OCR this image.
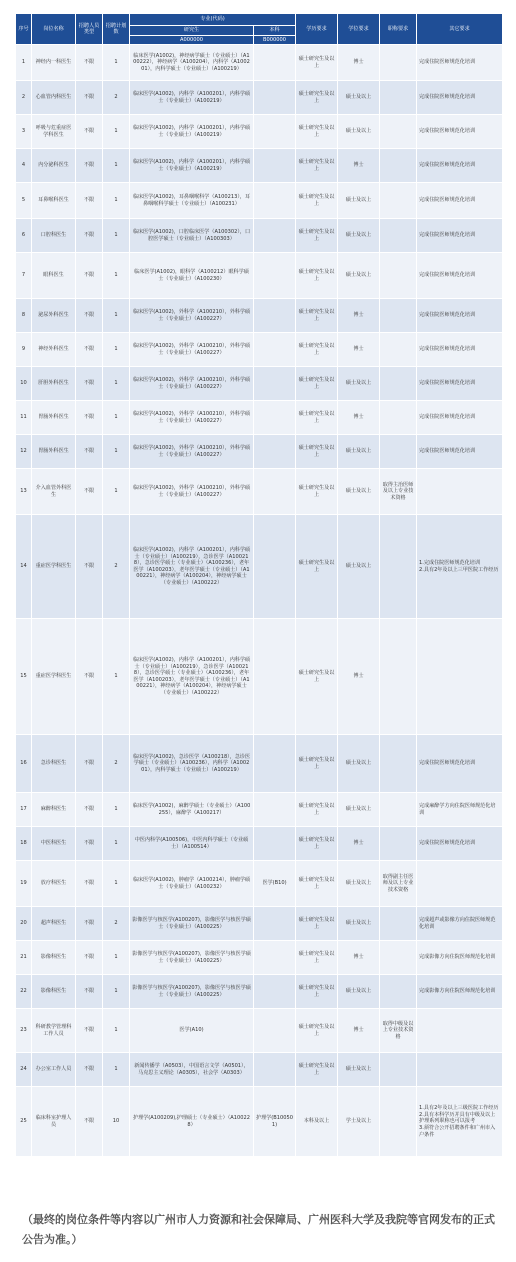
序号	岗位名称	招聘人员类型	招聘计划数	专业(代码)		学历要求	学位要求	职称要求	其它要求
				研究生	本科				
				A000000	B000000				
1	神经内一科医生	不限	1	临床医学(A1002)，神经病学硕士（专业硕士）（A100222），神经病学（A100204），内科学（A100201），内科学硕士（专业硕士）（A100219）		硕士研究生及以上	博士		完成住院医师规范化培训
2	心血管内科医生	不限	2	临床医学(A1002)，内科学（A100201），内科学硕士（专业硕士）（A100219）		硕士研究生及以上	硕士及以上		完成住院医师规范化培训
3	呼吸与危重症医学科医生	不限	1	临床医学(A1002)，内科学（A100201），内科学硕士（专业硕士）（A100219）		硕士研究生及以上	硕士及以上		完成住院医师规范化培训
4	内分泌科医生	不限	1	临床医学(A1002)，内科学（A100201），内科学硕士（专业硕士）（A100219）		硕士研究生及以上	博士		完成住院医师规范化培训
5	耳鼻喉科医生	不限	1	临床医学(A1002)，耳鼻咽喉科学（A100213），耳鼻咽喉科学硕士（专业硕士）（A100231）		硕士研究生及以上	硕士及以上		完成住院医师规范化培训
6	口腔科医生	不限	1	临床医学(A1002)，口腔临床医学（A100302），口腔医学硕士（专业硕士）（A100303）		硕士研究生及以上	硕士及以上		完成住院医师规范化培训
7	眼科医生	不限	1	临床医学(A1002)，眼科学（A100212）眼科学硕士（专业硕士）（A100230）		硕士研究生及以上	硕士及以上		完成住院医师规范化培训
8	泌尿外科医生	不限	1	临床医学(A1002)，外科学（A100210），外科学硕士（专业硕士）（A100227）		硕士研究生及以上	博士		完成住院医师规范化培训
9	神经外科医生	不限	1	临床医学(A1002)，外科学（A100210），外科学硕士（专业硕士）（A100227）		硕士研究生及以上	博士		完成住院医师规范化培训
10	肝胆外科医生	不限	1	临床医学(A1002)，外科学（A100210），外科学硕士（专业硕士）（A100227）		硕士研究生及以上	硕士及以上		完成住院医师规范化培训
11	胃肠外科医生	不限	1	临床医学(A1002)，外科学（A100210），外科学硕士（专业硕士）（A100227）		硕士研究生及以上	博士		完成住院医师规范化培训
12	胃肠外科医生	不限	1	临床医学(A1002)，外科学（A100210），外科学硕士（专业硕士）（A100227）		硕士研究生及以上	硕士及以上		完成住院医师规范化培训
13	介入血管外科医生	不限	1	临床医学(A1002)，外科学（A100210），外科学硕士（专业硕士）（A100227）		硕士研究生及以上	硕士及以上	取得主治医师及以上专业技术资格	
14	重症医学科医生	不限	2	临床医学(A1002)，内科学（A100201），内科学硕士（专业硕士）（A100219），急诊医学（A100218），急诊医学硕士（专业硕士）（A100236），老年医学（A100203），老年医学硕士（专业硕士）（A100221），神经病学（A100204），神经病学硕士（专业硕士）（A100222）		硕士研究生及以上	硕士及以上		1.完成住院医师规范化培训
2.具有2年及以上三甲医院工作经历
15	重症医学科医生	不限	1	临床医学(A1002)，内科学（A100201），内科学硕士（专业硕士）（A100219），急诊医学（A100218），急诊医学硕士（专业硕士）（A100236），老年医学（A100203），老年医学硕士（专业硕士）（A100221），神经病学（A100204），神经病学硕士（专业硕士）（A100222）		硕士研究生及以上	博士		
16	急诊科医生	不限	2	临床医学(A1002)，急诊医学（A100218），急诊医学硕士（专业硕士）（A100236），内科学（A100201），内科学硕士（专业硕士）（A100219）		硕士研究生及以上	硕士及以上		完成住院医师规范化培训
17	麻醉科医生	不限	1	临床医学(A1002)，麻醉学硕士（专业硕士）（A100255），麻醉学（A100217）		硕士研究生及以上	硕士及以上		完成麻醉学方向住院医师规范化培训
18	中医科医生	不限	1	中医内科学(A100506)，中医内科学硕士（专业硕士）（A100514）		硕士研究生及以上	博士		完成住院医师规范化培训
19	放疗科医生	不限	1	临床医学(A1002)，肿瘤学（A100214），肿瘤学硕士（专业硕士）（A100232）	医学(B10)	硕士研究生及以上	硕士及以上	取得副主任医师及以上专业技术资格	
20	超声科医生	不限	2	影像医学与核医学(A100207)，影像医学与核医学硕士（专业硕士）（A100225）		硕士研究生及以上	硕士及以上		完成超声或影像方向住院医师规范化培训
21	影像科医生	不限	1	影像医学与核医学(A100207)，影像医学与核医学硕士（专业硕士）（A100225）		硕士研究生及以上	博士		完成影像方向住院医师规范化培训
22	影像科医生	不限	1	影像医学与核医学(A100207)，影像医学与核医学硕士（专业硕士）（A100225）		硕士研究生及以上	硕士及以上		完成影像方向住院医师规范化培训
23	科研教学管理科工作人员	不限	1	医学(A10)		硕士研究生及以上	博士	取得中级及以上专业技术资格	
24	办公室工作人员	不限	1	新闻传播学（A0503），中国语言文学（A0501），马克思主义理论（A0305），社会学（A0303）		硕士研究生及以上	硕士及以上		
25	临床科室护理人员	不限	10	护理学(A100209),护理硕士（专业硕士）（A100228）	护理学(B100501)	本科及以上	学士及以上		1.具有2年及以上三级医院工作经历
2.具有本科学历并具有中级及以上护理系列职称也可以报考
3.须符合公开招聘条件和广州市入户条件
（最终的岗位条件等内容以广州市人力资源和社会保障局、广州医科大学及我院等官网发布的正式公告为准。）
